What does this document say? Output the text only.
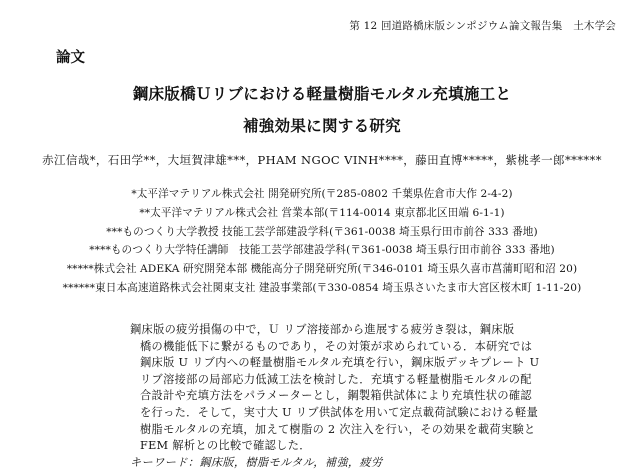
第 12 回道路橋床版シンポジウム論文報告集　土木学会
論文
鋼床版橋Ｕリブにおける軽量樹脂モルタル充填施工と
補強効果に関する研究
赤江信哉*，石田学**，大垣賀津雄***，PHAM NGOC VINH****，藤田直博*****，紫桃孝一郎******
*太平洋マテリアル株式会社 開発研究所(〒285-0802 千葉県佐倉市大作 2-4-2)
**太平洋マテリアル株式会社 営業本部(〒114-0014 東京都北区田端 6-1-1)
***ものつくり大学教授 技能工芸学部建設学科(〒361-0038 埼玉県行田市前谷 333 番地)
****ものつくり大学特任講師　技能工芸学部建設学科(〒361-0038 埼玉県行田市前谷 333 番地)
*****株式会社 ADEKA 研究開発本部 機能高分子開発研究所(〒346-0101 埼玉県久喜市菖蒲町昭和沼 20)
******東日本高速道路株式会社関東支社 建設事業部(〒330-0854 埼玉県さいたま市大宮区桜木町 1-11-20)
鋼床版の疲労損傷の中で，Ｕ リブ溶接部から進展する疲労き裂は，鋼床版
橋の機能低下に繋がるものであり，その対策が求められている．本研究では
鋼床版 U リブ内への軽量樹脂モルタル充填を行い，鋼床版デッキプレート U
リブ溶接部の局部応力低減工法を検討した．充填する軽量樹脂モルタルの配
合設計や充填方法をパラメーターとし，鋼製箱供試体により充填性状の確認
を行った．そして，実寸大 U リブ供試体を用いて定点載荷試験における軽量
樹脂モルタルの充填，加えて樹脂の 2 次注入を行い，その効果を載荷実験と
FEM 解析との比較で確認した．
キーワード：鋼床版，樹脂モルタル，補強，疲労
